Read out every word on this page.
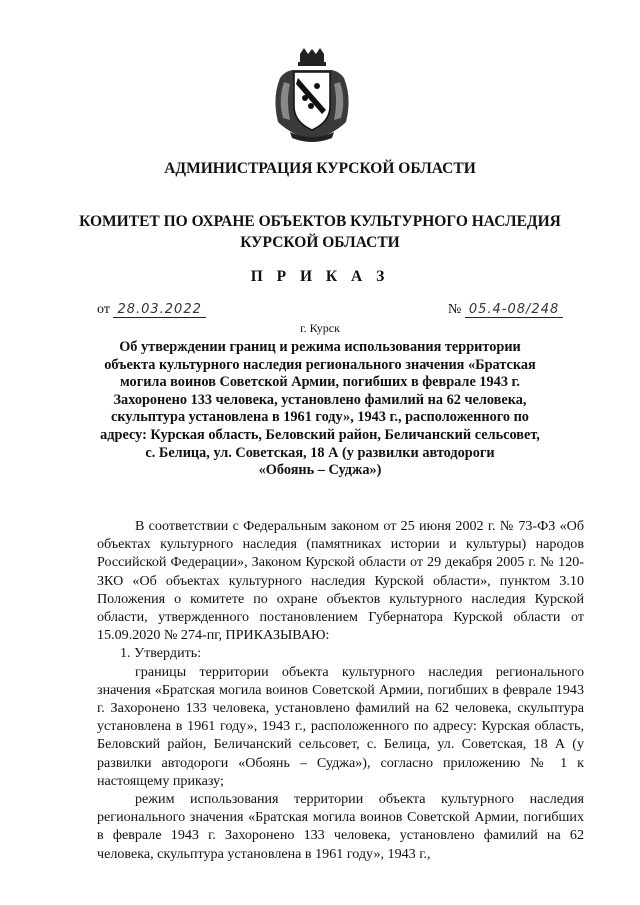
АДМИНИСТРАЦИЯ КУРСКОЙ ОБЛАСТИ
КОМИТЕТ ПО ОХРАНЕ ОБЪЕКТОВ КУЛЬТУРНОГО НАСЛЕДИЯ
КУРСКОЙ ОБЛАСТИ
П Р И К А З
от 28.03.2022	№ 05.4-08/248
г. Курск
Об утверждении границ и режима использования территории
объекта культурного наследия регионального значения «Братская
могила воинов Советской Армии, погибших в феврале 1943 г.
Захоронено 133 человека, установлено фамилий на 62 человека,
скульптура установлена в 1961 году», 1943 г., расположенного по
адресу: Курская область, Беловский район, Беличанский сельсовет,
с. Белица, ул. Советская, 18 А (у развилки автодороги
«Обоянь – Суджа»)

В соответствии с Федеральным законом от 25 июня 2002 г. № 73-ФЗ «Об объектах культурного наследия (памятниках истории и культуры) народов Российской Федерации», Законом Курской области от 29 декабря 2005 г. № 120-ЗКО «Об объектах культурного наследия Курской области», пунктом 3.10 Положения о комитете по охране объектов культурного наследия Курской области, утвержденного постановлением Губернатора Курской области от 15.09.2020 № 274-пг, ПРИКАЗЫВАЮ:

1. Утвердить:

границы территории объекта культурного наследия регионального значения «Братская могила воинов Советской Армии, погибших в феврале 1943 г. Захоронено 133 человека, установлено фамилий на 62 человека, скульптура установлена в 1961 году», 1943 г., расположенного по адресу: Курская область, Беловский район, Беличанский сельсовет, с. Белица, ул. Советская, 18 А (у развилки автодороги «Обоянь – Суджа»), согласно приложению № 1 к настоящему приказу;

режим использования территории объекта культурного наследия регионального значения «Братская могила воинов Советской Армии, погибших в феврале 1943 г. Захоронено 133 человека, установлено фамилий на 62 человека, скульптура установлена в 1961 году», 1943 г.,
